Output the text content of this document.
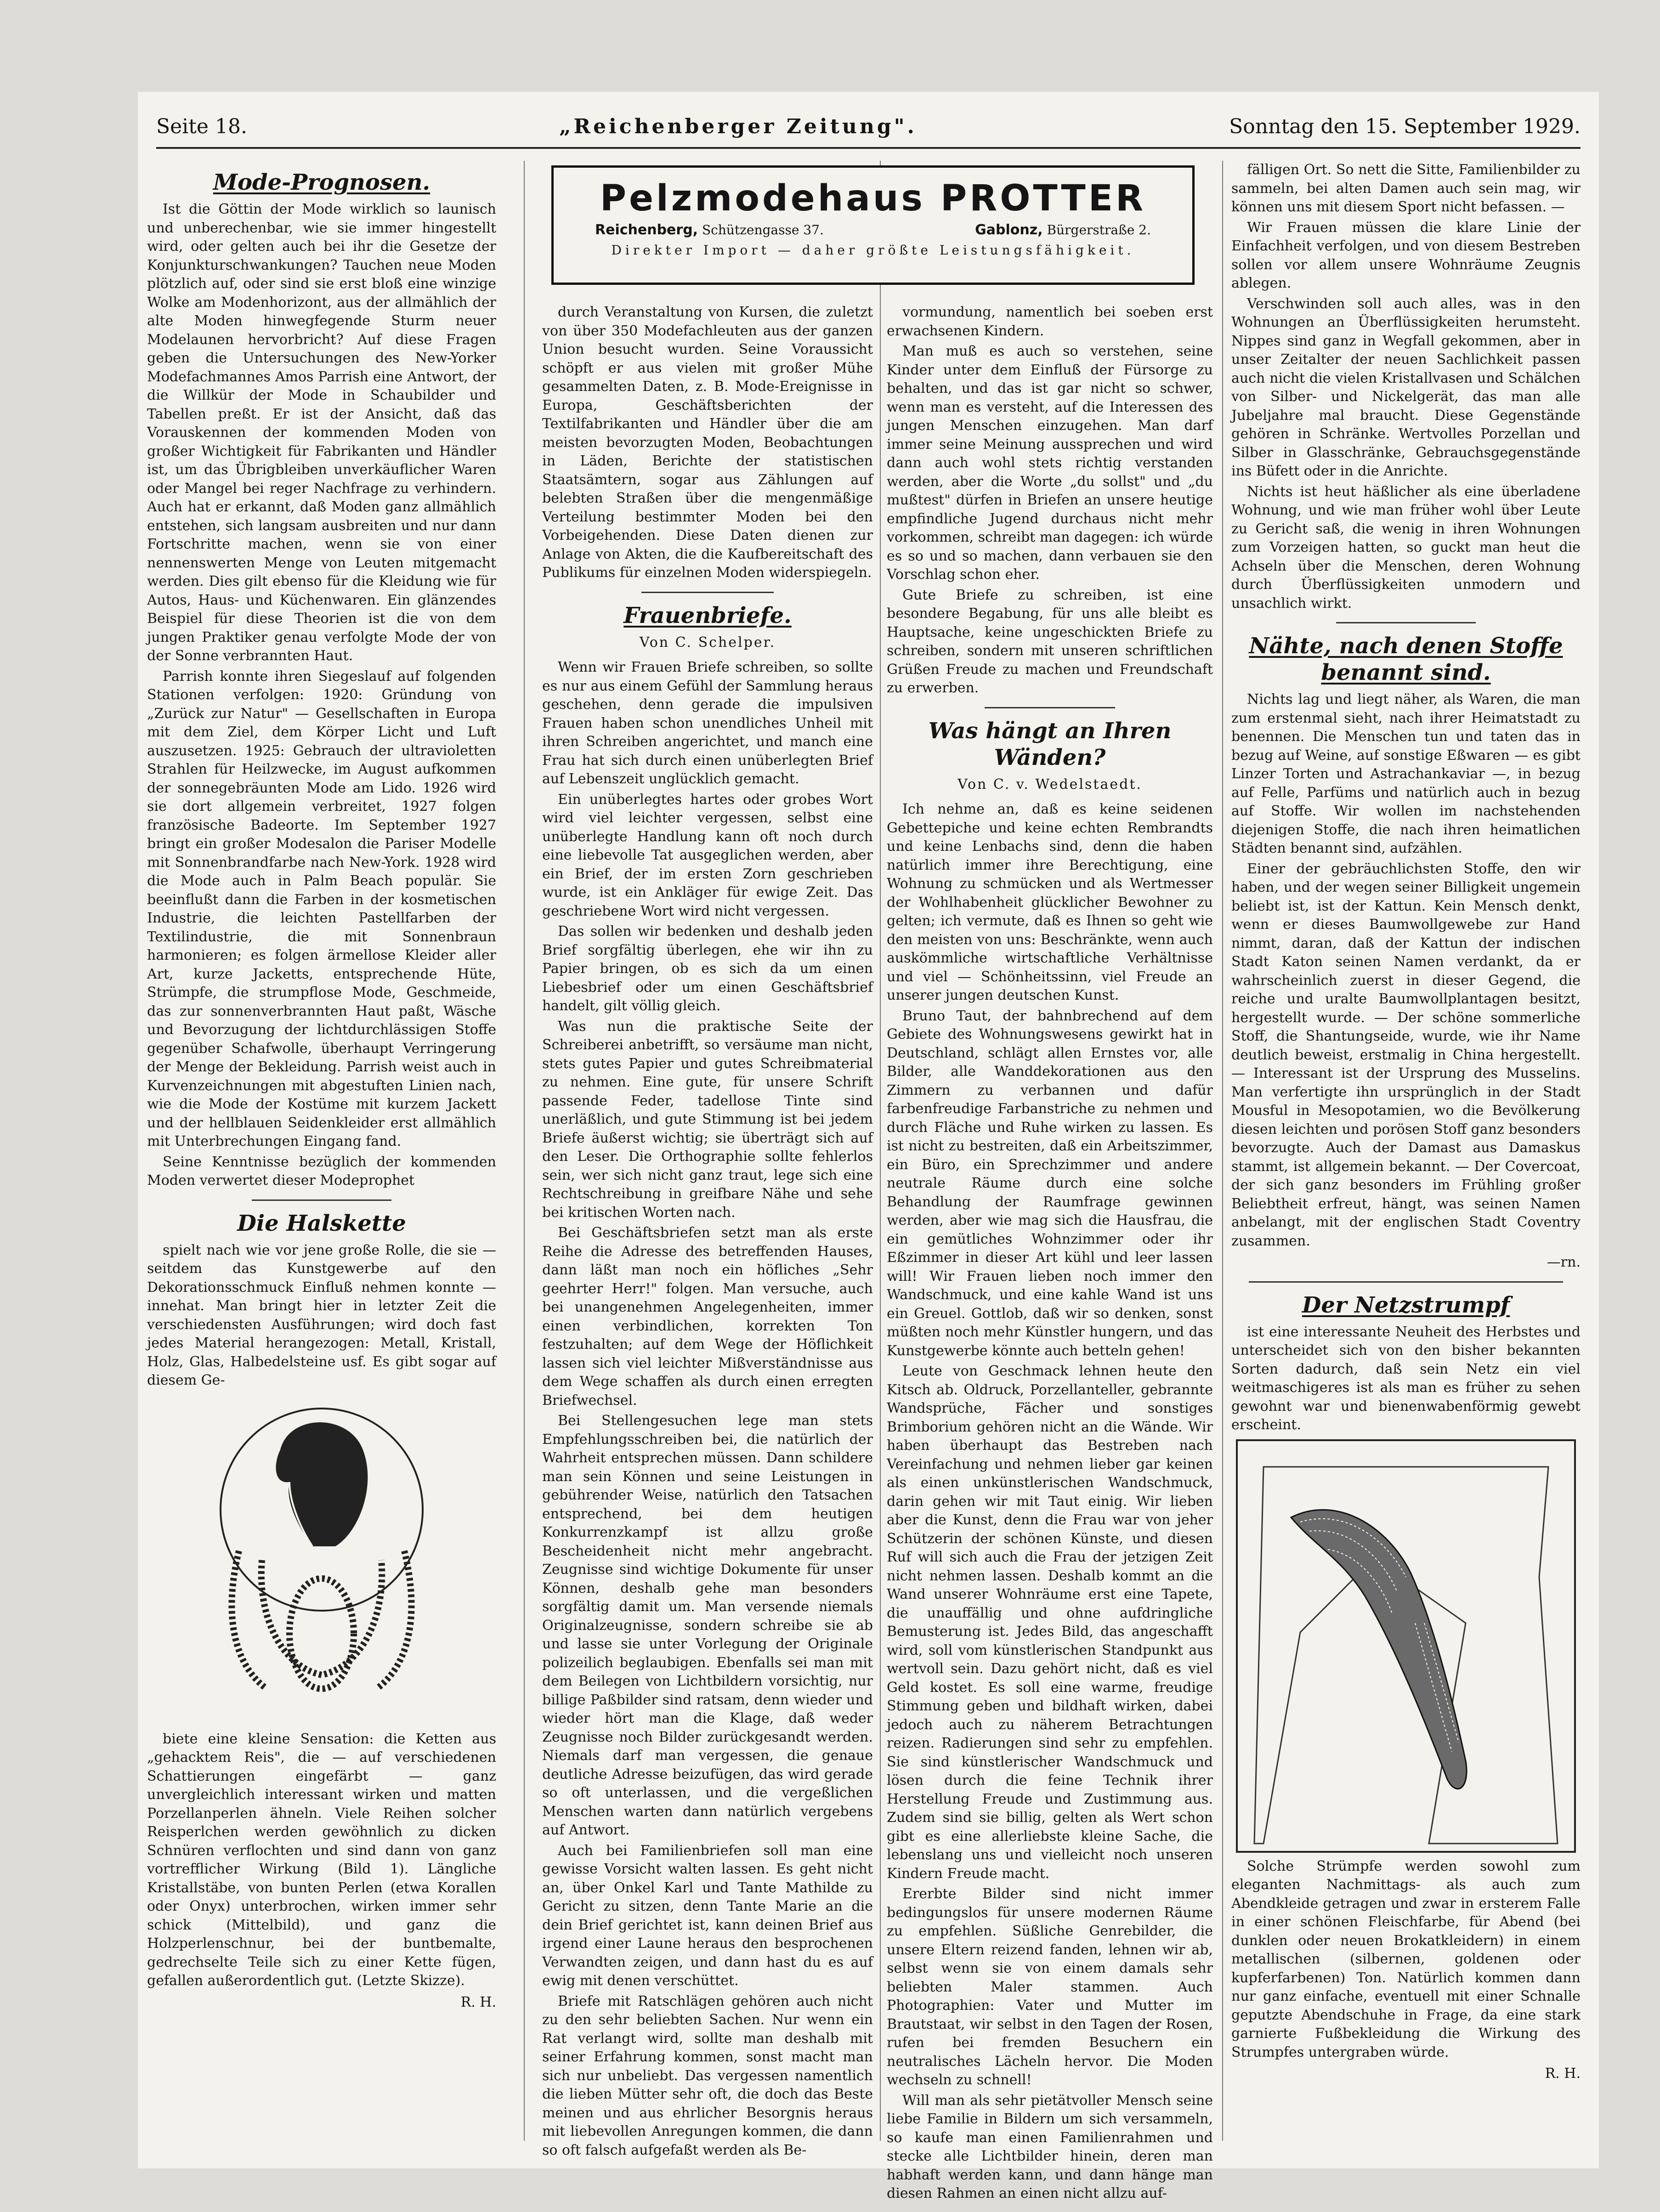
Seite 18.	„Reichenberger Zeitung".	Sonntag den 15. September 1929.
Mode-Prognosen.

Ist die Göttin der Mode wirklich so launisch und unberechenbar, wie sie immer hingestellt wird, oder gelten auch bei ihr die Gesetze der Konjunkturschwankungen? Tauchen neue Moden plötzlich auf, oder sind sie erst bloß eine winzige Wolke am Modenhorizont, aus der allmählich der alte Moden hinwegfegende Sturm neuer Modelaunen hervorbricht? Auf diese Fragen geben die Untersuchungen des New-Yorker Modefachmannes Amos Parrish eine Antwort, der die Willkür der Mode in Schaubilder und Tabellen preßt. Er ist der Ansicht, daß das Vorauskennen der kommenden Moden von großer Wichtigkeit für Fabrikanten und Händler ist, um das Übrigbleiben unverkäuflicher Waren oder Mangel bei reger Nachfrage zu verhindern. Auch hat er erkannt, daß Moden ganz allmählich entstehen, sich langsam ausbreiten und nur dann Fortschritte machen, wenn sie von einer nennenswerten Menge von Leuten mitgemacht werden. Dies gilt ebenso für die Kleidung wie für Autos, Haus- und Küchenwaren. Ein glänzendes Beispiel für diese Theorien ist die von dem jungen Praktiker genau verfolgte Mode der von der Sonne verbrannten Haut.

Parrish konnte ihren Siegeslauf auf folgenden Stationen verfolgen: 1920: Gründung von „Zurück zur Natur" — Gesellschaften in Europa mit dem Ziel, dem Körper Licht und Luft auszusetzen. 1925: Gebrauch der ultravioletten Strahlen für Heilzwecke, im August aufkommen der sonnegebräunten Mode am Lido. 1926 wird sie dort allgemein verbreitet, 1927 folgen französische Badeorte. Im September 1927 bringt ein großer Modesalon die Pariser Modelle mit Sonnenbrandfarbe nach New-York. 1928 wird die Mode auch in Palm Beach populär. Sie beeinflußt dann die Farben in der kosmetischen Industrie, die leichten Pastellfarben der Textilindustrie, die mit Sonnenbraun harmonieren; es folgen ärmellose Kleider aller Art, kurze Jacketts, entsprechende Hüte, Strümpfe, die strumpflose Mode, Geschmeide, das zur sonnenverbrannten Haut paßt, Wäsche und Bevorzugung der lichtdurchlässigen Stoffe gegenüber Schafwolle, überhaupt Verringerung der Menge der Bekleidung. Parrish weist auch in Kurvenzeichnungen mit abgestuften Linien nach, wie die Mode der Kostüme mit kurzem Jackett und der hellblauen Seidenkleider erst allmählich mit Unterbrechungen Eingang fand.

Seine Kenntnisse bezüglich der kommenden Moden verwertet dieser Modeprophet

Die Halskette

spielt nach wie vor jene große Rolle, die sie — seitdem das Kunstgewerbe auf den Dekorationsschmuck Einfluß nehmen konnte — innehat. Man bringt hier in letzter Zeit die verschiedensten Ausführungen; wird doch fast jedes Material herangezogen: Metall, Kristall, Holz, Glas, Halbedelsteine usf. Es gibt sogar auf diesem Ge-

biete eine kleine Sensation: die Ketten aus „gehacktem Reis", die — auf verschiedenen Schattierungen eingefärbt — ganz unvergleichlich interessant wirken und matten Porzellanperlen ähneln. Viele Reihen solcher Reisperlchen werden gewöhnlich zu dicken Schnüren verflochten und sind dann von ganz vortrefflicher Wirkung (Bild 1). Längliche Kristallstäbe, von bunten Perlen (etwa Korallen oder Onyx) unterbrochen, wirken immer sehr schick (Mittelbild), und ganz die Holzperlenschnur, bei der buntbemalte, gedrechselte Teile sich zu einer Kette fügen, gefallen außerordentlich gut. (Letzte Skizze).

R. H.
Pelzmodehaus PROTTER
Reichenberg, Schützengasse 37.	Gablonz, Bürgerstraße 2.
Direkter Import — daher größte Leistungsfähigkeit.

durch Veranstaltung von Kursen, die zuletzt von über 350 Modefachleuten aus der ganzen Union besucht wurden. Seine Voraussicht schöpft er aus vielen mit großer Mühe gesammelten Daten, z. B. Mode-Ereignisse in Europa, Geschäftsberichten der Textilfabrikanten und Händler über die am meisten bevorzugten Moden, Beobachtungen in Läden, Berichte der statistischen Staatsämtern, sogar aus Zählungen auf belebten Straßen über die mengenmäßige Verteilung bestimmter Moden bei den Vorbeigehenden. Diese Daten dienen zur Anlage von Akten, die die Kaufbereitschaft des Publikums für einzelnen Moden widerspiegeln.

Frauenbriefe.
Von C. Schelper.

Wenn wir Frauen Briefe schreiben, so sollte es nur aus einem Gefühl der Sammlung heraus geschehen, denn gerade die impulsiven Frauen haben schon unendliches Unheil mit ihren Schreiben angerichtet, und manch eine Frau hat sich durch einen unüberlegten Brief auf Lebenszeit unglücklich gemacht.

Ein unüberlegtes hartes oder grobes Wort wird viel leichter vergessen, selbst eine unüberlegte Handlung kann oft noch durch eine liebevolle Tat ausgeglichen werden, aber ein Brief, der im ersten Zorn geschrieben wurde, ist ein Ankläger für ewige Zeit. Das geschriebene Wort wird nicht vergessen.

Das sollen wir bedenken und deshalb jeden Brief sorgfältig überlegen, ehe wir ihn zu Papier bringen, ob es sich da um einen Liebesbrief oder um einen Geschäftsbrief handelt, gilt völlig gleich.

Was nun die praktische Seite der Schreiberei anbetrifft, so versäume man nicht, stets gutes Papier und gutes Schreibmaterial zu nehmen. Eine gute, für unsere Schrift passende Feder, tadellose Tinte sind unerläßlich, und gute Stimmung ist bei jedem Briefe äußerst wichtig; sie überträgt sich auf den Leser. Die Orthographie sollte fehlerlos sein, wer sich nicht ganz traut, lege sich eine Rechtschreibung in greifbare Nähe und sehe bei kritischen Worten nach.

Bei Geschäftsbriefen setzt man als erste Reihe die Adresse des betreffenden Hauses, dann läßt man noch ein höfliches „Sehr geehrter Herr!" folgen. Man versuche, auch bei unangenehmen Angelegenheiten, immer einen verbindlichen, korrekten Ton festzuhalten; auf dem Wege der Höflichkeit lassen sich viel leichter Mißverständnisse aus dem Wege schaffen als durch einen erregten Briefwechsel.

Bei Stellengesuchen lege man stets Empfehlungsschreiben bei, die natürlich der Wahrheit entsprechen müssen. Dann schildere man sein Können und seine Leistungen in gebührender Weise, natürlich den Tatsachen entsprechend, bei dem heutigen Konkurrenzkampf ist allzu große Bescheidenheit nicht mehr angebracht. Zeugnisse sind wichtige Dokumente für unser Können, deshalb gehe man besonders sorgfältig damit um. Man versende niemals Originalzeugnisse, sondern schreibe sie ab und lasse sie unter Vorlegung der Originale polizeilich beglaubigen. Ebenfalls sei man mit dem Beilegen von Lichtbildern vorsichtig, nur billige Paßbilder sind ratsam, denn wieder und wieder hört man die Klage, daß weder Zeugnisse noch Bilder zurückgesandt werden. Niemals darf man vergessen, die genaue deutliche Adresse beizufügen, das wird gerade so oft unterlassen, und die vergeßlichen Menschen warten dann natürlich vergebens auf Antwort.

Auch bei Familienbriefen soll man eine gewisse Vorsicht walten lassen. Es geht nicht an, über Onkel Karl und Tante Mathilde zu Gericht zu sitzen, denn Tante Marie an die dein Brief gerichtet ist, kann deinen Brief aus irgend einer Laune heraus den besprochenen Verwandten zeigen, und dann hast du es auf ewig mit denen verschüttet.

Briefe mit Ratschlägen gehören auch nicht zu den sehr beliebten Sachen. Nur wenn ein Rat verlangt wird, sollte man deshalb mit seiner Erfahrung kommen, sonst macht man sich nur unbeliebt. Das vergessen namentlich die lieben Mütter sehr oft, die doch das Beste meinen und aus ehrlicher Besorgnis heraus mit liebevollen Anregungen kommen, die dann so oft falsch aufgefaßt werden als Be-

vormundung, namentlich bei soeben erst erwachsenen Kindern.

Man muß es auch so verstehen, seine Kinder unter dem Einfluß der Fürsorge zu behalten, und das ist gar nicht so schwer, wenn man es versteht, auf die Interessen des jungen Menschen einzugehen. Man darf immer seine Meinung aussprechen und wird dann auch wohl stets richtig verstanden werden, aber die Worte „du sollst" und „du mußtest" dürfen in Briefen an unsere heutige empfindliche Jugend durchaus nicht mehr vorkommen, schreibt man dagegen: ich würde es so und so machen, dann verbauen sie den Vorschlag schon eher.

Gute Briefe zu schreiben, ist eine besondere Begabung, für uns alle bleibt es Hauptsache, keine ungeschickten Briefe zu schreiben, sondern mit unseren schriftlichen Grüßen Freude zu machen und Freundschaft zu erwerben.

Was hängt an Ihren Wänden?
Von C. v. Wedelstaedt.

Ich nehme an, daß es keine seidenen Gebettepiche und keine echten Rembrandts und keine Lenbachs sind, denn die haben natürlich immer ihre Berechtigung, eine Wohnung zu schmücken und als Wertmesser der Wohlhabenheit glücklicher Bewohner zu gelten; ich vermute, daß es Ihnen so geht wie den meisten von uns: Beschränkte, wenn auch auskömmliche wirtschaftliche Verhältnisse und viel — Schönheitssinn, viel Freude an unserer jungen deutschen Kunst.

Bruno Taut, der bahnbrechend auf dem Gebiete des Wohnungswesens gewirkt hat in Deutschland, schlägt allen Ernstes vor, alle Bilder, alle Wanddekorationen aus den Zimmern zu verbannen und dafür farbenfreudige Farbanstriche zu nehmen und durch Fläche und Ruhe wirken zu lassen. Es ist nicht zu bestreiten, daß ein Arbeitszimmer, ein Büro, ein Sprechzimmer und andere neutrale Räume durch eine solche Behandlung der Raumfrage gewinnen werden, aber wie mag sich die Hausfrau, die ein gemütliches Wohnzimmer oder ihr Eßzimmer in dieser Art kühl und leer lassen will! Wir Frauen lieben noch immer den Wandschmuck, und eine kahle Wand ist uns ein Greuel. Gottlob, daß wir so denken, sonst müßten noch mehr Künstler hungern, und das Kunstgewerbe könnte auch betteln gehen!

Leute von Geschmack lehnen heute den Kitsch ab. Oldruck, Porzellanteller, gebrannte Wandsprüche, Fächer und sonstiges Brimborium gehören nicht an die Wände. Wir haben überhaupt das Bestreben nach Vereinfachung und nehmen lieber gar keinen als einen unkünstlerischen Wandschmuck, darin gehen wir mit Taut einig. Wir lieben aber die Kunst, denn die Frau war von jeher Schützerin der schönen Künste, und diesen Ruf will sich auch die Frau der jetzigen Zeit nicht nehmen lassen. Deshalb kommt an die Wand unserer Wohnräume erst eine Tapete, die unauffällig und ohne aufdringliche Bemusterung ist. Jedes Bild, das angeschafft wird, soll vom künstlerischen Standpunkt aus wertvoll sein. Dazu gehört nicht, daß es viel Geld kostet. Es soll eine warme, freudige Stimmung geben und bildhaft wirken, dabei jedoch auch zu näherem Betrachtungen reizen. Radierungen sind sehr zu empfehlen. Sie sind künstlerischer Wandschmuck und lösen durch die feine Technik ihrer Herstellung Freude und Zustimmung aus. Zudem sind sie billig, gelten als Wert schon gibt es eine allerliebste kleine Sache, die lebenslang uns und vielleicht noch unseren Kindern Freude macht.

Ererbte Bilder sind nicht immer bedingungslos für unsere modernen Räume zu empfehlen. Süßliche Genrebilder, die unsere Eltern reizend fanden, lehnen wir ab, selbst wenn sie von einem damals sehr beliebten Maler stammen. Auch Photographien: Vater und Mutter im Brautstaat, wir selbst in den Tagen der Rosen, rufen bei fremden Besuchern ein neutralisches Lächeln hervor. Die Moden wechseln zu schnell!

Will man als sehr pietätvoller Mensch seine liebe Familie in Bildern um sich versammeln, so kaufe man einen Familienrahmen und stecke alle Lichtbilder hinein, deren man habhaft werden kann, und dann hänge man diesen Rahmen an einen nicht allzu auf-

fälligen Ort. So nett die Sitte, Familienbilder zu sammeln, bei alten Damen auch sein mag, wir können uns mit diesem Sport nicht befassen. —

Wir Frauen müssen die klare Linie der Einfachheit verfolgen, und von diesem Bestreben sollen vor allem unsere Wohnräume Zeugnis ablegen.

Verschwinden soll auch alles, was in den Wohnungen an Überflüssigkeiten herumsteht. Nippes sind ganz in Wegfall gekommen, aber in unser Zeitalter der neuen Sachlichkeit passen auch nicht die vielen Kristallvasen und Schälchen von Silber- und Nickelgerät, das man alle Jubeljahre mal braucht. Diese Gegenstände gehören in Schränke. Wertvolles Porzellan und Silber in Glasschränke, Gebrauchsgegenstände ins Büfett oder in die Anrichte.

Nichts ist heut häßlicher als eine überladene Wohnung, und wie man früher wohl über Leute zu Gericht saß, die wenig in ihren Wohnungen zum Vorzeigen hatten, so guckt man heut die Achseln über die Menschen, deren Wohnung durch Überflüssigkeiten unmodern und unsachlich wirkt.

Nähte, nach denen Stoffe benannt sind.

Nichts lag und liegt näher, als Waren, die man zum erstenmal sieht, nach ihrer Heimatstadt zu benennen. Die Menschen tun und taten das in bezug auf Weine, auf sonstige Eßwaren — es gibt Linzer Torten und Astrachankaviar —, in bezug auf Felle, Parfüms und natürlich auch in bezug auf Stoffe. Wir wollen im nachstehenden diejenigen Stoffe, die nach ihren heimatlichen Städten benannt sind, aufzählen.

Einer der gebräuchlichsten Stoffe, den wir haben, und der wegen seiner Billigkeit ungemein beliebt ist, ist der Kattun. Kein Mensch denkt, wenn er dieses Baumwollgewebe zur Hand nimmt, daran, daß der Kattun der indischen Stadt Katon seinen Namen verdankt, da er wahrscheinlich zuerst in dieser Gegend, die reiche und uralte Baumwollplantagen besitzt, hergestellt wurde. — Der schöne sommerliche Stoff, die Shantungseide, wurde, wie ihr Name deutlich beweist, erstmalig in China hergestellt. — Interessant ist der Ursprung des Musselins. Man verfertigte ihn ursprünglich in der Stadt Mousful in Mesopotamien, wo die Bevölkerung diesen leichten und porösen Stoff ganz besonders bevorzugte. Auch der Damast aus Damaskus stammt, ist allgemein bekannt. — Der Covercoat, der sich ganz besonders im Frühling großer Beliebtheit erfreut, hängt, was seinen Namen anbelangt, mit der englischen Stadt Coventry zusammen.

—rn.
Der Netzstrumpf

ist eine interessante Neuheit des Herbstes und unterscheidet sich von den bisher bekannten Sorten dadurch, daß sein Netz ein viel weitmaschigeres ist als man es früher zu sehen gewohnt war und bienenwabenförmig gewebt erscheint.

Solche Strümpfe werden sowohl zum eleganten Nachmittags- als auch zum Abendkleide getragen und zwar in ersterem Falle in einer schönen Fleischfarbe, für Abend (bei dunklen oder neuen Brokatkleidern) in einem metallischen (silbernen, goldenen oder kupferfarbenen) Ton. Natürlich kommen dann nur ganz einfache, eventuell mit einer Schnalle geputzte Abendschuhe in Frage, da eine stark garnierte Fußbekleidung die Wirkung des Strumpfes untergraben würde.

R. H.
